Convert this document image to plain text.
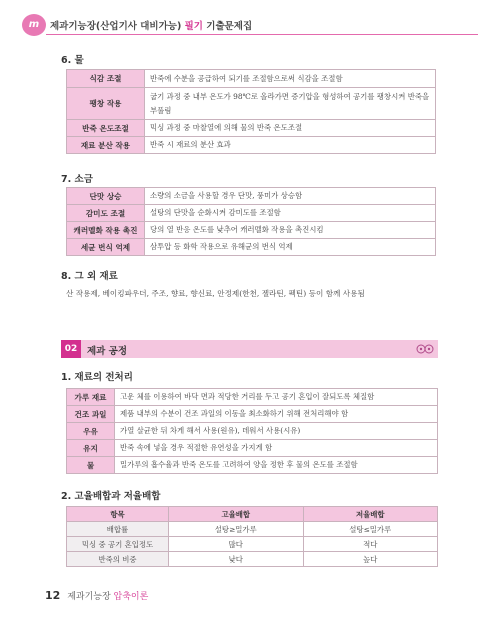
m	제과기능장(산업기사 대비가능) 필기 기출문제집
6. 물
식감 조절	반죽에 수분을 공급하여 되기를 조절함으로써 식감을 조절함
팽창 작용	굽기 과정 중 내부 온도가 98℃로 올라가면 증기압을 형성하여 공기를 팽창시켜 반죽을 부풀림
반죽 온도조절	믹싱 과정 중 마찰열에 의해 물의 반죽 온도조절
재료 분산 작용	반죽 시 재료의 분산 효과
7. 소금
단맛 상승	소량의 소금을 사용할 경우 단맛, 풍미가 상승함
감미도 조절	설탕의 단맛을 순화시켜 감미도를 조절함
캐러멜화 작용 촉진	당의 열 반응 온도를 낮추어 캐러멜화 작용을 촉진시킴
세균 번식 억제	삼투압 등 화학 작용으로 유해균의 번식 억제
8. 그 외 재료
산 작용제, 베이킹파우더, 주조, 향료, 향신료, 안정제(한천, 젤라틴, 펙틴) 등이 함께 사용됨
02	제과 공정
1. 재료의 전처리
가루 재료	고운 체를 이용하여 바닥 면과 적당한 거리를 두고 공기 혼입이 잘되도록 체질함
건조 과일	제품 내부의 수분이 건조 과일의 이동을 최소화하기 위해 전처리해야 함
우유	가열 살균한 뒤 차게 해서 사용(원유), 데워서 사용(시유)
유지	반죽 속에 넣을 경우 적절한 유연성을 가지게 함
물	밀가루의 흡수율과 반죽 온도를 고려하여 양을 정한 후 물의 온도를 조절함
2. 고율배합과 저율배합
항목	고율배합	저율배합
배합률	설탕≥밀가루	설탕≤밀가루
믹싱 중 공기 혼입정도	많다	적다
반죽의 비중	낮다	높다
12 제과기능장 압축이론
